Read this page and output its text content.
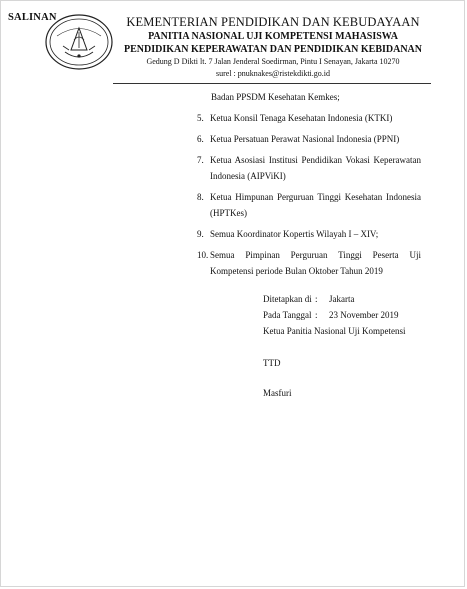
SALINAN	KEMENTERIAN PENDIDIKAN DAN KEBUDAYAAN
PANITIA NASIONAL UJI KOMPETENSI MAHASISWA
PENDIDIKAN KEPERAWATAN DAN PENDIDIKAN KEBIDANAN
Gedung D Dikti lt. 7 Jalan Jenderal Soedirman, Pintu I Senayan, Jakarta 10270
surel : pnuknakes@ristekdikti.go.id
Badan PPSDM Kesehatan Kemkes;
5. Ketua Konsil Tenaga Kesehatan Indonesia (KTKI)
6. Ketua Persatuan Perawat Nasional Indonesia (PPNI)
7. Ketua Asosiasi Institusi Pendidikan Vokasi Keperawatan Indonesia (AIPViKI)
8. Ketua Himpunan Perguruan Tinggi Kesehatan Indonesia (HPTKes)
9. Semua Koordinator Kopertis Wilayah I – XIV;
10. Semua Pimpinan Perguruan Tinggi Peserta Uji Kompetensi periode Bulan Oktober Tahun 2019
Ditetapkan di :	Jakarta
Pada Tanggal :	23 November 2019
Ketua Panitia Nasional Uji Kompetensi
TTD
Masfuri
